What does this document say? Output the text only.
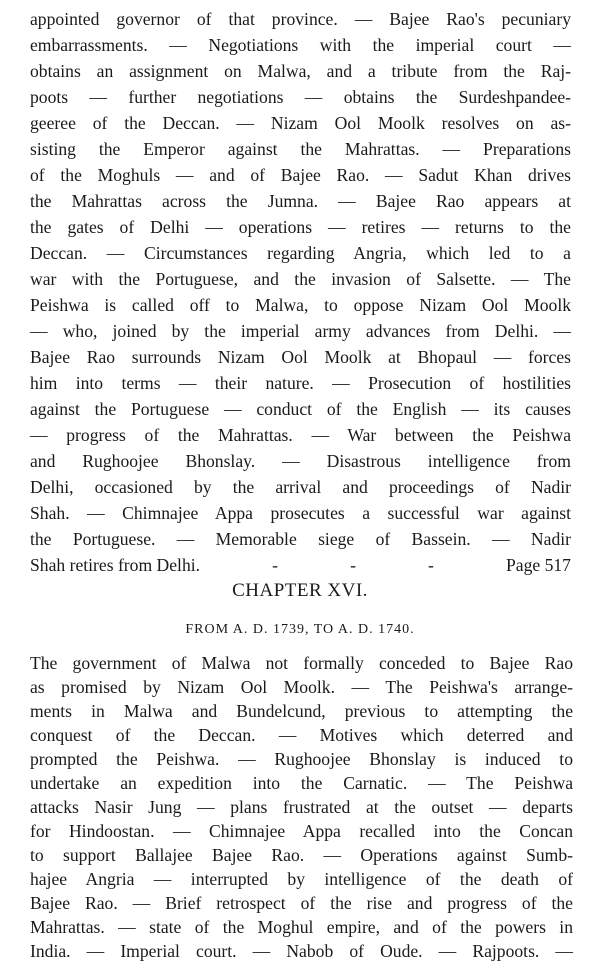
appointed governor of that province. — Bajee Rao's pecuniary
embarrassments. — Negotiations with the imperial court —
obtains an assignment on Malwa, and a tribute from the Raj-
poots — further negotiations — obtains the Surdeshpandee-
geeree of the Deccan. — Nizam Ool Moolk resolves on as-
sisting the Emperor against the Mahrattas. — Preparations
of the Moghuls — and of Bajee Rao. — Sadut Khan drives
the Mahrattas across the Jumna. — Bajee Rao appears at
the gates of Delhi — operations — retires — returns to the
Deccan. — Circumstances regarding Angria, which led to a
war with the Portuguese, and the invasion of Salsette. — The
Peishwa is called off to Malwa, to oppose Nizam Ool Moolk
— who, joined by the imperial army advances from Delhi. —
Bajee Rao surrounds Nizam Ool Moolk at Bhopaul — forces
him into terms — their nature. — Prosecution of hostilities
against the Portuguese — conduct of the English — its causes
— progress of the Mahrattas. — War between the Peishwa
and Rughoojee Bhonslay. — Disastrous intelligence from
Delhi, occasioned by the arrival and proceedings of Nadir
Shah. — Chimnajee Appa prosecutes a successful war against
the Portuguese. — Memorable siege of Bassein. — Nadir
Shah retires from Delhi.	-	-	-	Page 517
CHAPTER XVI.
FROM A. D. 1739, TO A. D. 1740.
The government of Malwa not formally conceded to Bajee Rao
as promised by Nizam Ool Moolk. — The Peishwa's arrange-
ments in Malwa and Bundelcund, previous to attempting the
conquest of the Deccan. — Motives which deterred and
prompted the Peishwa. — Rughoojee Bhonslay is induced to
undertake an expedition into the Carnatic. — The Peishwa
attacks Nasir Jung — plans frustrated at the outset — departs
for Hindoostan. — Chimnajee Appa recalled into the Concan
to support Ballajee Bajee Rao. — Operations against Sumb-
hajee Angria — interrupted by intelligence of the death of
Bajee Rao. — Brief retrospect of the rise and progress of the
Mahrattas. — state of the Moghul empire, and of the powers in
India. — Imperial court. — Nabob of Oude. — Rajpoots. —
